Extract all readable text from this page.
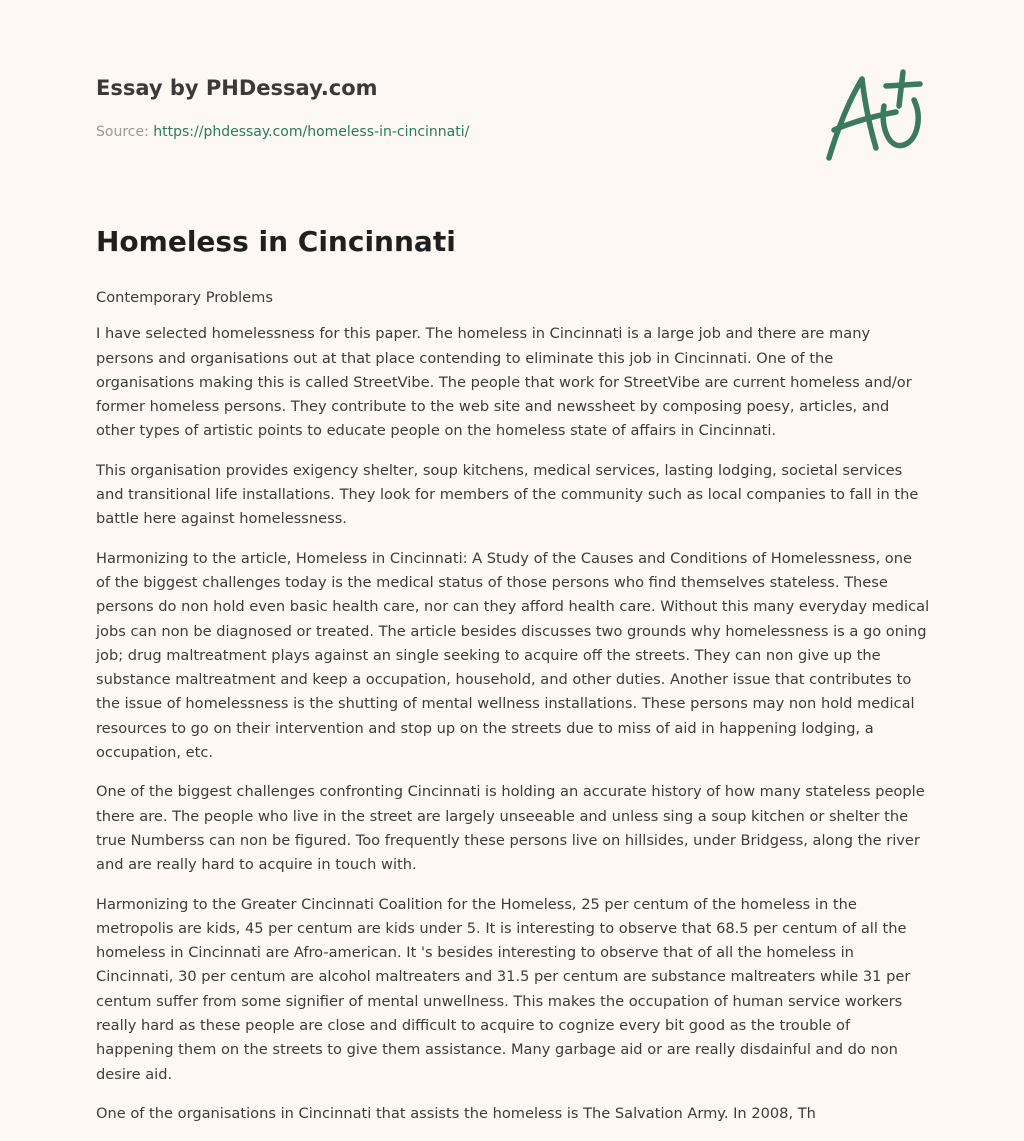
Essay by PHDessay.com
Source: https://phdessay.com/homeless-in-cincinnati/
Homeless in Cincinnati

Contemporary Problems

I have selected homelessness for this paper. The homeless in Cincinnati is a large job and there are many persons and organisations out at that place contending to eliminate this job in Cincinnati. One of the organisations making this is called StreetVibe. The people that work for StreetVibe are current homeless and/or former homeless persons. They contribute to the web site and newssheet by composing poesy, articles, and other types of artistic points to educate people on the homeless state of affairs in Cincinnati.

This organisation provides exigency shelter, soup kitchens, medical services, lasting lodging, societal services and transitional life installations. They look for members of the community such as local companies to fall in the battle here against homelessness.

Harmonizing to the article, Homeless in Cincinnati: A Study of the Causes and Conditions of Homelessness, one of the biggest challenges today is the medical status of those persons who find themselves stateless. These persons do non hold even basic health care, nor can they afford health care. Without this many everyday medical jobs can non be diagnosed or treated. The article besides discusses two grounds why homelessness is a go oning job; drug maltreatment plays against an single seeking to acquire off the streets. They can non give up the substance maltreatment and keep a occupation, household, and other duties. Another issue that contributes to the issue of homelessness is the shutting of mental wellness installations. These persons may non hold medical resources to go on their intervention and stop up on the streets due to miss of aid in happening lodging, a occupation, etc.

One of the biggest challenges confronting Cincinnati is holding an accurate history of how many stateless people there are. The people who live in the street are largely unseeable and unless sing a soup kitchen or shelter the true Numberss can non be figured. Too frequently these persons live on hillsides, under Bridgess, along the river and are really hard to acquire in touch with.

Harmonizing to the Greater Cincinnati Coalition for the Homeless, 25 per centum of the homeless in the metropolis are kids, 45 per centum are kids under 5. It is interesting to observe that 68.5 per centum of all the homeless in Cincinnati are Afro-american. It 's besides interesting to observe that of all the homeless in Cincinnati, 30 per centum are alcohol maltreaters and 31.5 per centum are substance maltreaters while 31 per centum suffer from some signifier of mental unwellness. This makes the occupation of human service workers really hard as these people are close and difficult to acquire to cognize every bit good as the trouble of happening them on the streets to give them assistance. Many garbage aid or are really disdainful and do non desire aid.

One of the organisations in Cincinnati that assists the homeless is The Salvation Army. In 2008, Th
